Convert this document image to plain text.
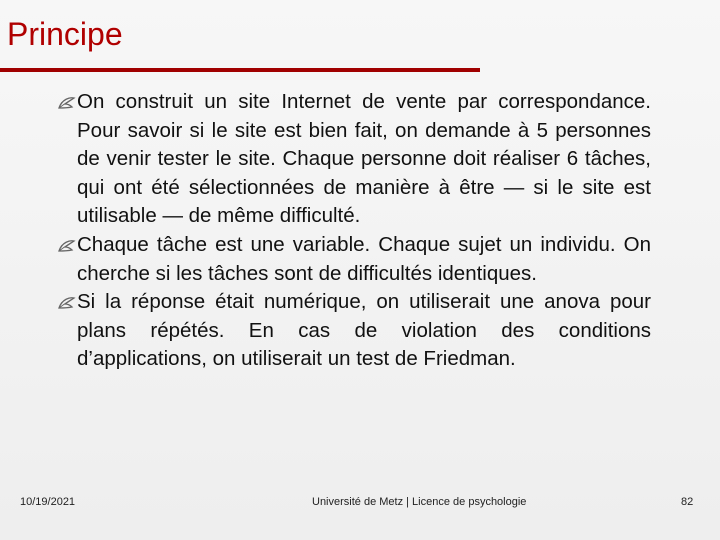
Principe
On construit un site Internet de vente par correspondance. Pour savoir si le site est bien fait, on demande à 5 personnes de venir tester le site. Chaque personne doit réaliser 6 tâches, qui ont été sélectionnées de manière à être — si le site est utilisable — de même difficulté.
Chaque tâche est une variable. Chaque sujet un individu. On cherche si les tâches sont de difficultés identiques.
Si la réponse était numérique, on utiliserait une anova pour plans répétés. En cas de violation des conditions d’applications, on utiliserait un test de Friedman.
10/19/2021	Université de Metz | Licence de psychologie	82
